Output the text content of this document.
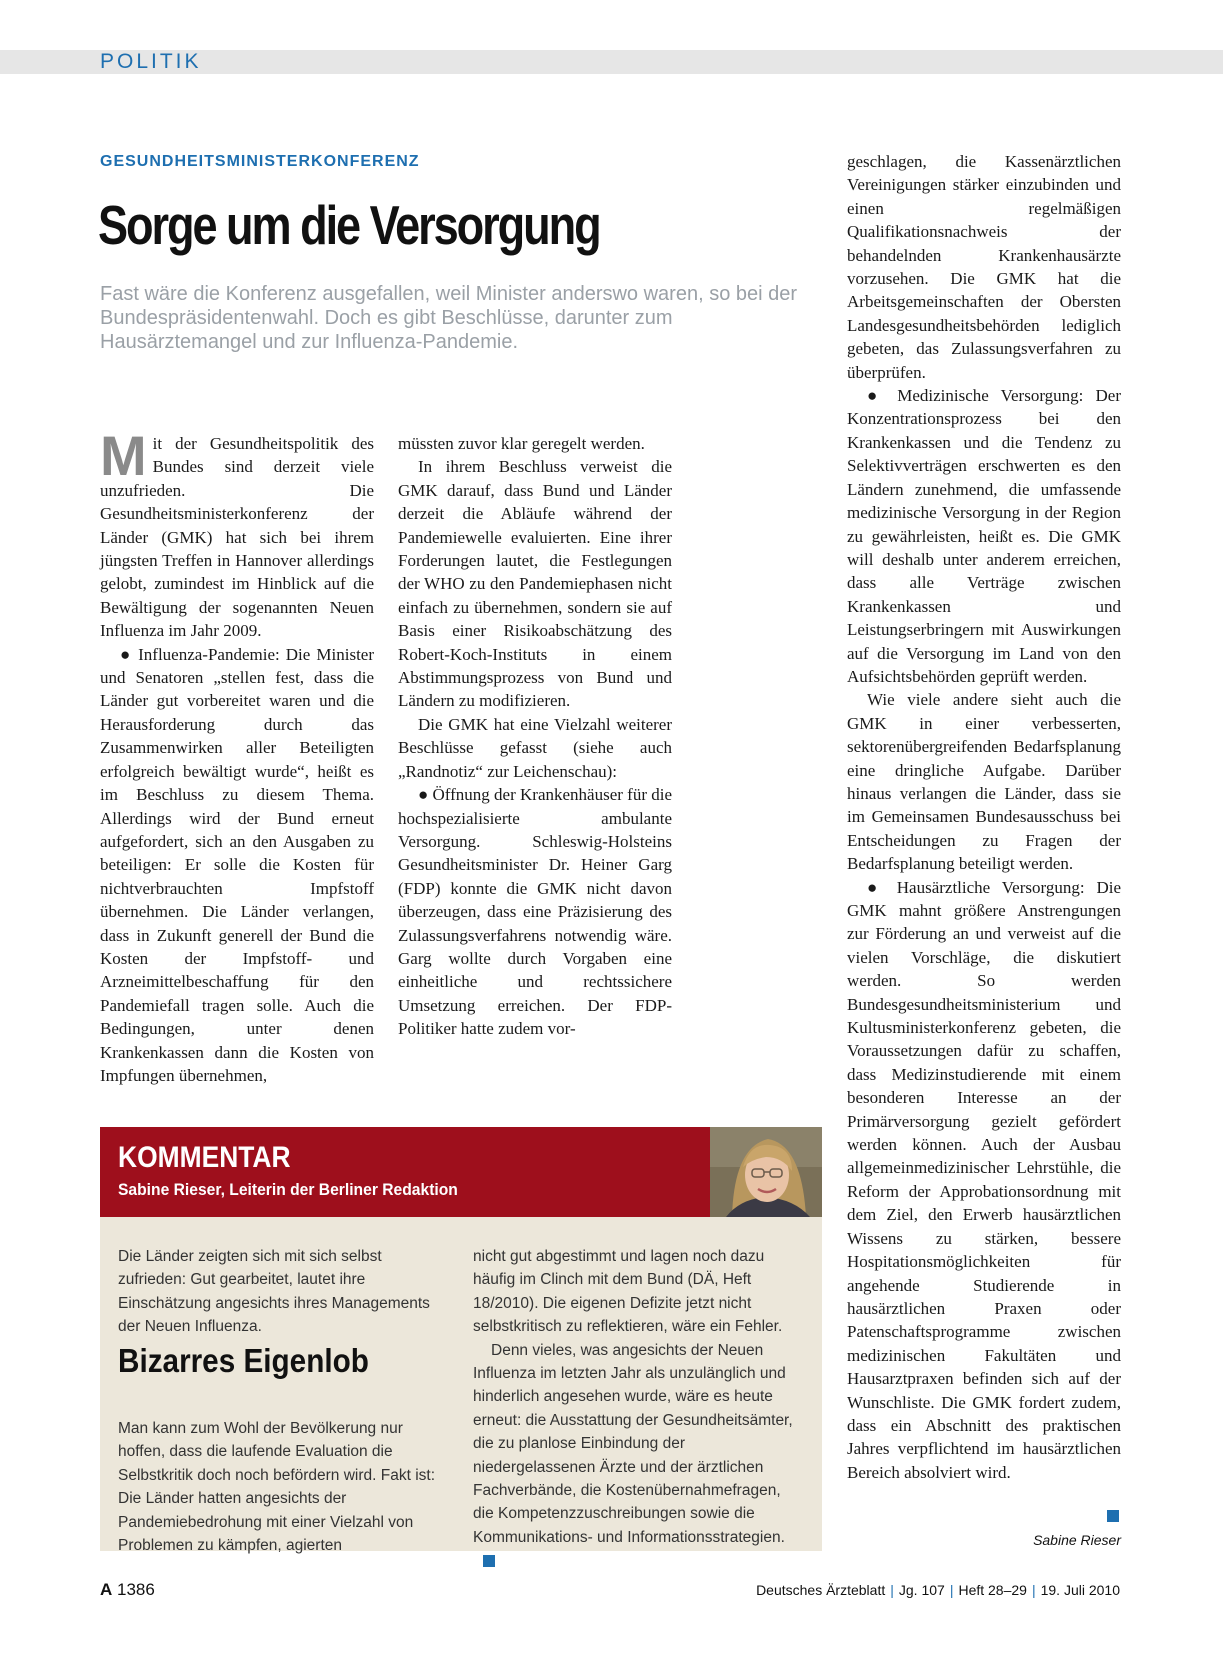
POLITIK
GESUNDHEITSMINISTERKONFERENZ
Sorge um die Versorgung
Fast wäre die Konferenz ausgefallen, weil Minister anderswo waren, so bei der Bundespräsidentenwahl. Doch es gibt Beschlüsse, darunter zum Hausärztemangel und zur Influenza-Pandemie.

Mit der Gesundheitspolitik des Bundes sind derzeit viele unzufrieden. Die Gesundheitsministerkonferenz der Länder (GMK) hat sich bei ihrem jüngsten Treffen in Hannover allerdings gelobt, zumindest im Hinblick auf die Bewältigung der sogenannten Neuen Influenza im Jahr 2009.

● Influenza-Pandemie: Die Minister und Senatoren „stellen fest, dass die Länder gut vorbereitet waren und die Herausforderung durch das Zusammenwirken aller Beteiligten erfolgreich bewältigt wurde“, heißt es im Beschluss zu diesem Thema. Allerdings wird der Bund erneut aufgefordert, sich an den Ausgaben zu beteiligen: Er solle die Kosten für nichtverbrauchten Impfstoff übernehmen. Die Länder verlangen, dass in Zukunft generell der Bund die Kosten der Impfstoff- und Arzneimittelbeschaffung für den Pandemiefall tragen solle. Auch die Bedingungen, unter denen Krankenkassen dann die Kosten von Impfungen übernehmen,

müssten zuvor klar geregelt werden.

In ihrem Beschluss verweist die GMK darauf, dass Bund und Länder derzeit die Abläufe während der Pandemiewelle evaluierten. Eine ihrer Forderungen lautet, die Festlegungen der WHO zu den Pandemiephasen nicht einfach zu übernehmen, sondern sie auf Basis einer Risikoabschätzung des Robert-Koch-Instituts in einem Abstimmungsprozess von Bund und Ländern zu modifizieren.

Die GMK hat eine Vielzahl weiterer Beschlüsse gefasst (siehe auch „Randnotiz“ zur Leichenschau):

● Öffnung der Krankenhäuser für die hochspezialisierte ambulante Versorgung. Schleswig-Holsteins Gesundheitsminister Dr. Heiner Garg (FDP) konnte die GMK nicht davon überzeugen, dass eine Präzisierung des Zulassungsverfahrens notwendig wäre. Garg wollte durch Vorgaben eine einheitliche und rechtssichere Umsetzung erreichen. Der FDP-Politiker hatte zudem vor-

geschlagen, die Kassenärztlichen Vereinigungen stärker einzubinden und einen regelmäßigen Qualifikationsnachweis der behandelnden Krankenhausärzte vorzusehen. Die GMK hat die Arbeitsgemeinschaften der Obersten Landesgesundheitsbehörden lediglich gebeten, das Zulassungsverfahren zu überprüfen.

● Medizinische Versorgung: Der Konzentrationsprozess bei den Krankenkassen und die Tendenz zu Selektivverträgen erschwerten es den Ländern zunehmend, die umfassende medizinische Versorgung in der Region zu gewährleisten, heißt es. Die GMK will deshalb unter anderem erreichen, dass alle Verträge zwischen Krankenkassen und Leistungserbringern mit Auswirkungen auf die Versorgung im Land von den Aufsichtsbehörden geprüft werden.

Wie viele andere sieht auch die GMK in einer verbesserten, sektorenübergreifenden Bedarfsplanung eine dringliche Aufgabe. Darüber hinaus verlangen die Länder, dass sie im Gemeinsamen Bundesausschuss bei Entscheidungen zu Fragen der Bedarfsplanung beteiligt werden.

● Hausärztliche Versorgung: Die GMK mahnt größere Anstrengungen zur Förderung an und verweist auf die vielen Vorschläge, die diskutiert werden. So werden Bundesgesundheitsministerium und Kultusministerkonferenz gebeten, die Voraussetzungen dafür zu schaffen, dass Medizinstudierende mit einem besonderen Interesse an der Primärversorgung gezielt gefördert werden können. Auch der Ausbau allgemeinmedizinischer Lehrstühle, die Reform der Approbationsordnung mit dem Ziel, den Erwerb hausärztlichen Wissens zu stärken, bessere Hospitationsmöglichkeiten für angehende Studierende in hausärztlichen Praxen oder Patenschaftsprogramme zwischen medizinischen Fakultäten und Hausarztpraxen befinden sich auf der Wunschliste. Die GMK fordert zudem, dass ein Abschnitt des praktischen Jahres verpflichtend im hausärztlichen Bereich absolviert wird.

Sabine Rieser
KOMMENTAR
Sabine Rieser, Leiterin der Berliner Redaktion

Die Länder zeigten sich mit sich selbst zufrieden: Gut gearbeitet, lautet ihre Einschätzung angesichts ihres Managements der Neuen Influenza.

Bizarres Eigenlob

Man kann zum Wohl der Bevölkerung nur hoffen, dass die laufende Evaluation die Selbstkritik doch noch befördern wird. Fakt ist: Die Länder hatten angesichts der Pandemiebedrohung mit einer Vielzahl von Problemen zu kämpfen, agierten

nicht gut abgestimmt und lagen noch dazu häufig im Clinch mit dem Bund (DÄ, Heft 18/2010). Die eigenen Defizite jetzt nicht selbstkritisch zu reflektieren, wäre ein Fehler.

Denn vieles, was angesichts der Neuen Influenza im letzten Jahr als unzulänglich und hinderlich angesehen wurde, wäre es heute erneut: die Ausstattung der Gesundheitsämter, die zu planlose Einbindung der niedergelassenen Ärzte und der ärztlichen Fachverbände, die Kostenübernahmefragen, die Kompetenzzuschreibungen sowie die Kommunikations- und Informationsstrategien.

A 1386	Deutsches Ärzteblatt | Jg. 107 | Heft 28–29 | 19. Juli 2010
